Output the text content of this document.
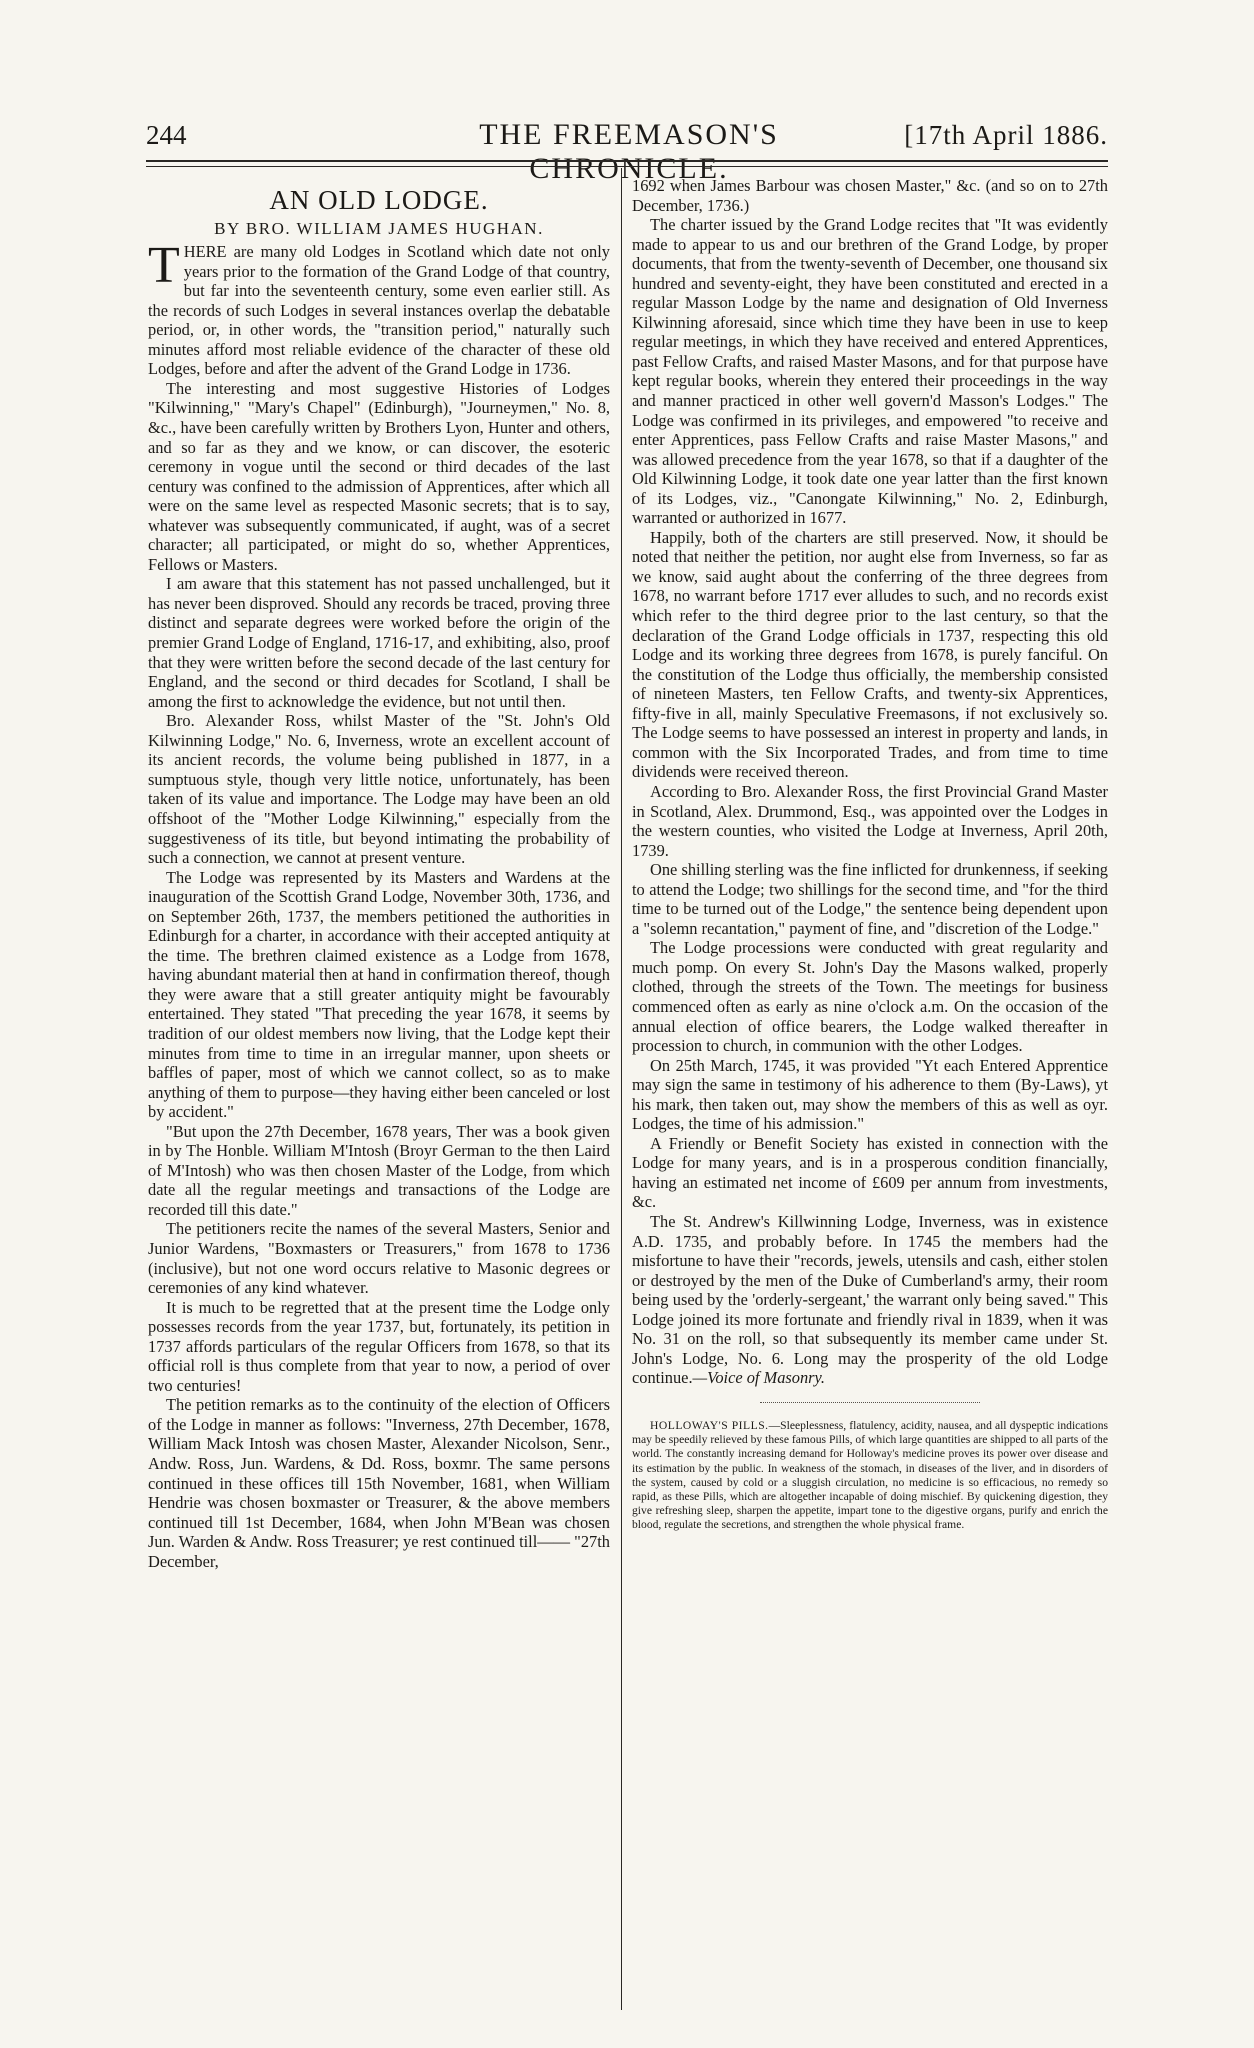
244	THE FREEMASON'S CHRONICLE.
[17th April 1886.
AN OLD LODGE.
BY BRO. WILLIAM JAMES HUGHAN.

THERE are many old Lodges in Scotland which date not only years prior to the formation of the Grand Lodge of that country, but far into the seventeenth century, some even earlier still. As the records of such Lodges in several instances overlap the debatable period, or, in other words, the "transition period," naturally such minutes afford most reliable evidence of the character of these old Lodges, before and after the advent of the Grand Lodge in 1736.

The interesting and most suggestive Histories of Lodges "Kilwinning," "Mary's Chapel" (Edinburgh), "Journeymen," No. 8, &c., have been carefully written by Brothers Lyon, Hunter and others, and so far as they and we know, or can discover, the esoteric ceremony in vogue until the second or third decades of the last century was confined to the admission of Apprentices, after which all were on the same level as respected Masonic secrets; that is to say, whatever was subsequently communicated, if aught, was of a secret character; all participated, or might do so, whether Apprentices, Fellows or Masters.

I am aware that this statement has not passed unchallenged, but it has never been disproved. Should any records be traced, proving three distinct and separate degrees were worked before the origin of the premier Grand Lodge of England, 1716-17, and exhibiting, also, proof that they were written before the second decade of the last century for England, and the second or third decades for Scotland, I shall be among the first to acknowledge the evidence, but not until then.

Bro. Alexander Ross, whilst Master of the "St. John's Old Kilwinning Lodge," No. 6, Inverness, wrote an excellent account of its ancient records, the volume being published in 1877, in a sumptuous style, though very little notice, unfortunately, has been taken of its value and importance. The Lodge may have been an old offshoot of the "Mother Lodge Kilwinning," especially from the suggestiveness of its title, but beyond intimating the probability of such a connection, we cannot at present venture.

The Lodge was represented by its Masters and Wardens at the inauguration of the Scottish Grand Lodge, November 30th, 1736, and on September 26th, 1737, the members petitioned the authorities in Edinburgh for a charter, in accordance with their accepted antiquity at the time. The brethren claimed existence as a Lodge from 1678, having abundant material then at hand in confirmation thereof, though they were aware that a still greater antiquity might be favourably entertained. They stated "That preceding the year 1678, it seems by tradition of our oldest members now living, that the Lodge kept their minutes from time to time in an irregular manner, upon sheets or baffles of paper, most of which we cannot collect, so as to make anything of them to purpose—they having either been canceled or lost by accident."

"But upon the 27th December, 1678 years, Ther was a book given in by The Honble. William M'Intosh (Broyr German to the then Laird of M'Intosh) who was then chosen Master of the Lodge, from which date all the regular meetings and transactions of the Lodge are recorded till this date."

The petitioners recite the names of the several Masters, Senior and Junior Wardens, "Boxmasters or Treasurers," from 1678 to 1736 (inclusive), but not one word occurs relative to Masonic degrees or ceremonies of any kind whatever.

It is much to be regretted that at the present time the Lodge only possesses records from the year 1737, but, fortunately, its petition in 1737 affords particulars of the regular Officers from 1678, so that its official roll is thus complete from that year to now, a period of over two centuries!

The petition remarks as to the continuity of the election of Officers of the Lodge in manner as follows: "Inverness, 27th December, 1678, William Mack Intosh was chosen Master, Alexander Nicolson, Senr., Andw. Ross, Jun. Wardens, & Dd. Ross, boxmr. The same persons continued in these offices till 15th November, 1681, when William Hendrie was chosen boxmaster or Treasurer, & the above members continued till 1st December, 1684, when John M'Bean was chosen Jun. Warden & Andw. Ross Treasurer; ye rest continued till—— "27th December,

1692 when James Barbour was chosen Master," &c. (and so on to 27th December, 1736.)

The charter issued by the Grand Lodge recites that "It was evidently made to appear to us and our brethren of the Grand Lodge, by proper documents, that from the twenty-seventh of December, one thousand six hundred and seventy-eight, they have been constituted and erected in a regular Masson Lodge by the name and designation of Old Inverness Kilwinning aforesaid, since which time they have been in use to keep regular meetings, in which they have received and entered Apprentices, past Fellow Crafts, and raised Master Masons, and for that purpose have kept regular books, wherein they entered their proceedings in the way and manner practiced in other well govern'd Masson's Lodges." The Lodge was confirmed in its privileges, and empowered "to receive and enter Apprentices, pass Fellow Crafts and raise Master Masons," and was allowed precedence from the year 1678, so that if a daughter of the Old Kilwinning Lodge, it took date one year latter than the first known of its Lodges, viz., "Canongate Kilwinning," No. 2, Edinburgh, warranted or authorized in 1677.

Happily, both of the charters are still preserved. Now, it should be noted that neither the petition, nor aught else from Inverness, so far as we know, said aught about the conferring of the three degrees from 1678, no warrant before 1717 ever alludes to such, and no records exist which refer to the third degree prior to the last century, so that the declaration of the Grand Lodge officials in 1737, respecting this old Lodge and its working three degrees from 1678, is purely fanciful. On the constitution of the Lodge thus officially, the membership consisted of nineteen Masters, ten Fellow Crafts, and twenty-six Apprentices, fifty-five in all, mainly Speculative Freemasons, if not exclusively so. The Lodge seems to have possessed an interest in property and lands, in common with the Six Incorporated Trades, and from time to time dividends were received thereon.

According to Bro. Alexander Ross, the first Provincial Grand Master in Scotland, Alex. Drummond, Esq., was appointed over the Lodges in the western counties, who visited the Lodge at Inverness, April 20th, 1739.

One shilling sterling was the fine inflicted for drunkenness, if seeking to attend the Lodge; two shillings for the second time, and "for the third time to be turned out of the Lodge," the sentence being dependent upon a "solemn recantation," payment of fine, and "discretion of the Lodge."

The Lodge processions were conducted with great regularity and much pomp. On every St. John's Day the Masons walked, properly clothed, through the streets of the Town. The meetings for business commenced often as early as nine o'clock a.m. On the occasion of the annual election of office bearers, the Lodge walked thereafter in procession to church, in communion with the other Lodges.

On 25th March, 1745, it was provided "Yt each Entered Apprentice may sign the same in testimony of his adherence to them (By-Laws), yt his mark, then taken out, may show the members of this as well as oyr. Lodges, the time of his admission."

A Friendly or Benefit Society has existed in connection with the Lodge for many years, and is in a prosperous condition financially, having an estimated net income of £609 per annum from investments, &c.

The St. Andrew's Killwinning Lodge, Inverness, was in existence A.D. 1735, and probably before. In 1745 the members had the misfortune to have their "records, jewels, utensils and cash, either stolen or destroyed by the men of the Duke of Cumberland's army, their room being used by the 'orderly-sergeant,' the warrant only being saved." This Lodge joined its more fortunate and friendly rival in 1839, when it was No. 31 on the roll, so that subsequently its member came under St. John's Lodge, No. 6. Long may the prosperity of the old Lodge continue.—Voice of Masonry.

HOLLOWAY'S PILLS.—Sleeplessness, flatulency, acidity, nausea, and all dyspeptic indications may be speedily relieved by these famous Pills, of which large quantities are shipped to all parts of the world. The constantly increasing demand for Holloway's medicine proves its power over disease and its estimation by the public. In weakness of the stomach, in diseases of the liver, and in disorders of the system, caused by cold or a sluggish circulation, no medicine is so efficacious, no remedy so rapid, as these Pills, which are altogether incapable of doing mischief. By quickening digestion, they give refreshing sleep, sharpen the appetite, impart tone to the digestive organs, purify and enrich the blood, regulate the secretions, and strengthen the whole physical frame.
